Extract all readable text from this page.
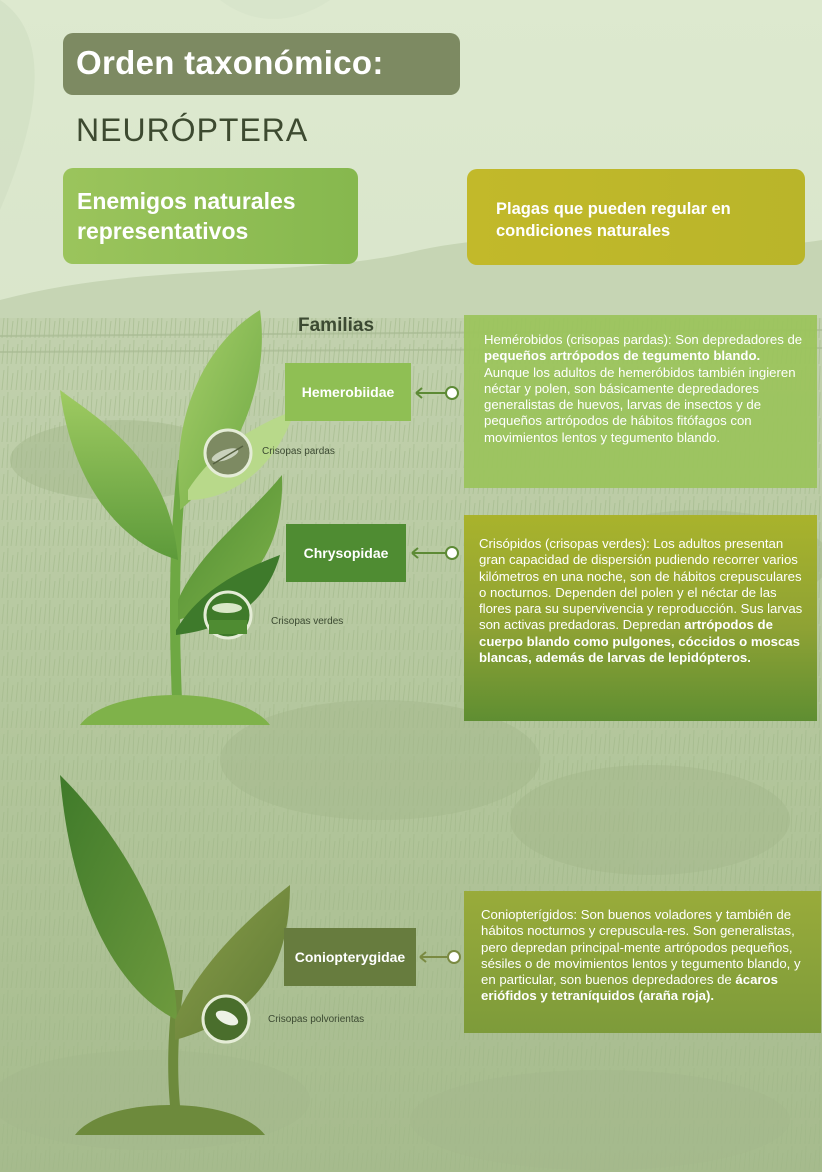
Orden taxonómico:
NEURÓPTERA
Enemigos naturales representativos
Plagas que pueden regular en condiciones naturales
Familias
Hemerobiidae
Chrysopidae
Coniopterygidae
Crisopas pardas
Crisopas verdes
Crisopas polvorientas
Hemérobidos (crisopas pardas): Son depredadores de pequeños artrópodos de tegumento blando. Aunque los adultos de hemeróbidos también ingieren néctar y polen, son básicamente depredadores generalistas de huevos, larvas de insectos y de pequeños artrópodos de hábitos fitófagos con movimientos lentos y tegumento blando.
Crisópidos (crisopas verdes): Los adultos presentan gran capacidad de dispersión pudiendo recorrer varios kilómetros en una noche, son de hábitos crepusculares o nocturnos. Dependen del polen y el néctar de las flores para su supervivencia y reproducción. Sus larvas son activas predadoras. Depredan artrópodos de cuerpo blando como pulgones, cóccidos o moscas blancas, además de larvas de lepidópteros.
Coniopterígidos: Son buenos voladores y también de hábitos nocturnos y crepuscula-res. Son generalistas, pero depredan principal-mente artrópodos pequeños, sésiles o de movimientos lentos y tegumento blando, y en particular, son buenos depredadores de ácaros eriófidos y tetraníquidos (araña roja).
